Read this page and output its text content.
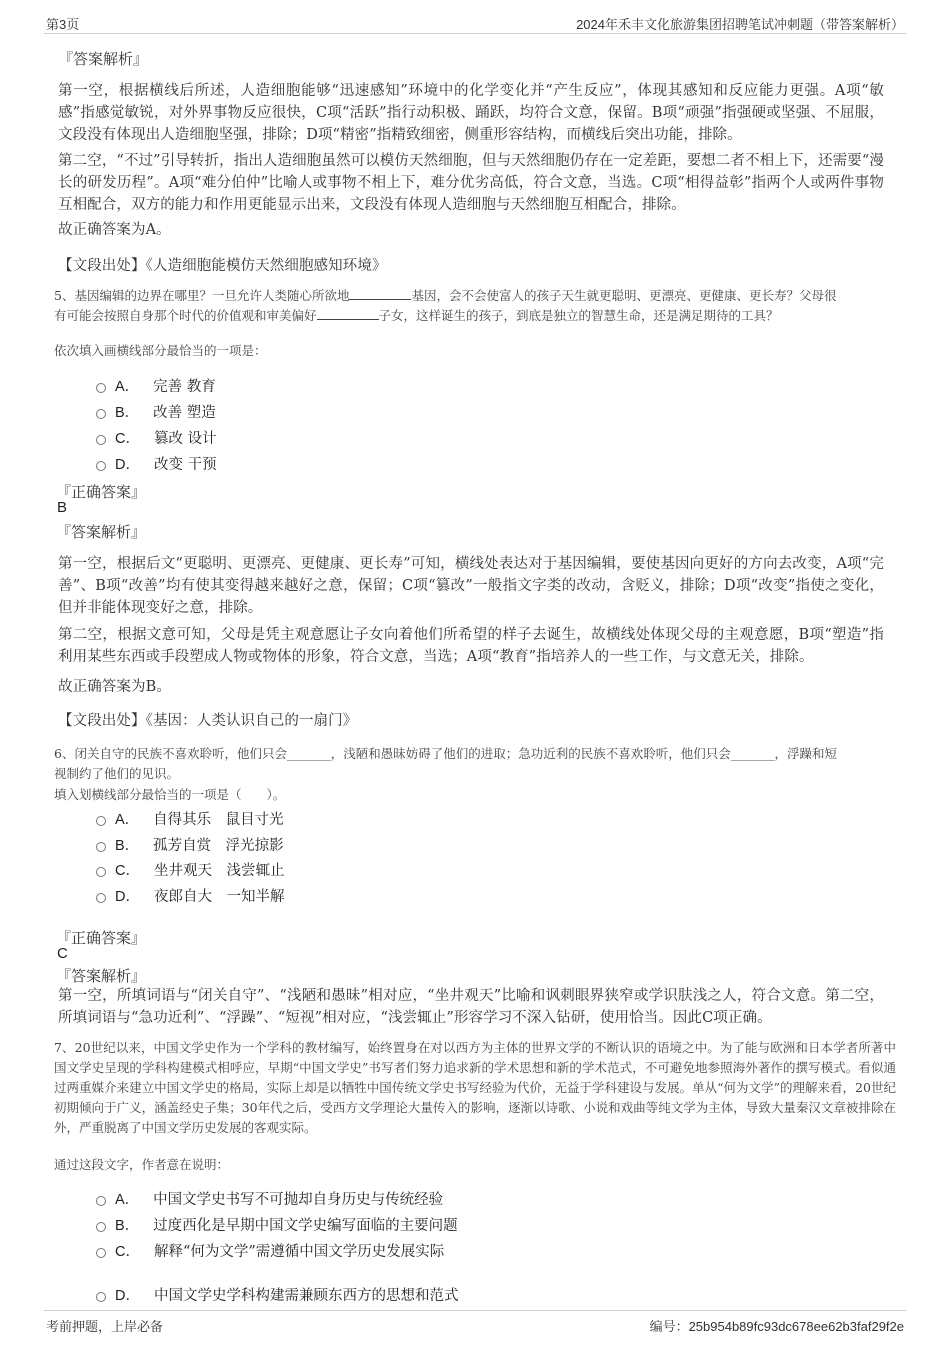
第3页	2024年禾丰文化旅游集团招聘笔试冲刺题（带答案解析）
『答案解析』
第一空，根据横线后所述，人造细胞能够“迅速感知”环境中的化学变化并“产生反应”，体现其感知和反应能力更强。A项“敏感”指感觉敏锐，对外界事物反应很快，C项“活跃”指行动积极、踊跃，均符合文意，保留。B项“顽强”指强硬或坚强、不屈服，文段没有体现出人造细胞坚强，排除；D项“精密”指精致细密，侧重形容结构，而横线后突出功能，排除。
第二空，“不过”引导转折，指出人造细胞虽然可以模仿天然细胞，但与天然细胞仍存在一定差距，要想二者不相上下，还需要“漫长的研发历程”。A项“难分伯仲”比喻人或事物不相上下，难分优劣高低，符合文意，当选。C项“相得益彰”指两个人或两件事物互相配合，双方的能力和作用更能显示出来，文段没有体现人造细胞与天然细胞互相配合，排除。
故正确答案为A。
【文段出处】《人造细胞能模仿天然细胞感知环境》
5、基因编辑的边界在哪里？一旦允许人类随心所欲地	基因，会不会使富人的孩子天生就更聪明、更漂亮、更健康、更长寿？父母很
有可能会按照自身那个时代的价值观和审美偏好	子女，这样诞生的孩子，到底是独立的智慧生命，还是满足期待的工具？
依次填入画横线部分最恰当的一项是：
A． 完善 教育
B． 改善 塑造
C． 篡改 设计
D． 改变 干预
『正确答案』
B
『答案解析』
第一空，根据后文“更聪明、更漂亮、更健康、更长寿”可知，横线处表达对于基因编辑，要使基因向更好的方向去改变，A项“完善”、B项“改善”均有使其变得越来越好之意，保留；C项“篡改”一般指文字类的改动，含贬义，排除；D项“改变”指使之变化，但并非能体现变好之意，排除。
第二空，根据文意可知，父母是凭主观意愿让子女向着他们所希望的样子去诞生，故横线处体现父母的主观意愿，B项“塑造”指利用某些东西或手段塑成人物或物体的形象，符合文意，当选；A项“教育”指培养人的一些工作，与文意无关，排除。
故正确答案为B。
【文段出处】《基因：人类认识自己的一扇门》
6、闭关自守的民族不喜欢聆听，他们只会_______，浅陋和愚昧妨碍了他们的进取；急功近利的民族不喜欢聆听，他们只会_______，浮躁和短
视制约了他们的见识。
填入划横线部分最恰当的一项是（　　）。
A． 自得其乐　鼠目寸光
B． 孤芳自赏　浮光掠影
C． 坐井观天　浅尝辄止
D． 夜郎自大　一知半解
『正确答案』
C
『答案解析』
第一空，所填词语与“闭关自守”、“浅陋和愚昧”相对应，“坐井观天”比喻和讽刺眼界狭窄或学识肤浅之人，符合文意。第二空，所填词语与“急功近利”、“浮躁”、“短视”相对应，“浅尝辄止”形容学习不深入钻研，使用恰当。因此C项正确。
7、20世纪以来，中国文学史作为一个学科的教材编写，始终置身在对以西方为主体的世界文学的不断认识的语境之中。为了能与欧洲和日本学者所著中国文学史呈现的学科构建模式相呼应，早期“中国文学史”书写者们努力追求新的学术思想和新的学术范式，不可避免地参照海外著作的撰写模式。看似通过两重媒介来建立中国文学史的格局，实际上却是以牺牲中国传统文学史书写经验为代价，无益于学科建设与发展。单从“何为文学”的理解来看，20世纪初期倾向于广义，涵盖经史子集；30年代之后，受西方文学理论大量传入的影响，逐渐以诗歌、小说和戏曲等纯文学为主体，导致大量秦汉文章被排除在外，严重脱离了中国文学历史发展的客观实际。
通过这段文字，作者意在说明：
A． 中国文学史书写不可抛却自身历史与传统经验
B． 过度西化是早期中国文学史编写面临的主要问题
C． 解释“何为文学”需遵循中国文学历史发展实际
D． 中国文学史学科构建需兼顾东西方的思想和范式
考前押题，上岸必备	编号：25b954b89fc93dc678ee62b3faf29f2e
